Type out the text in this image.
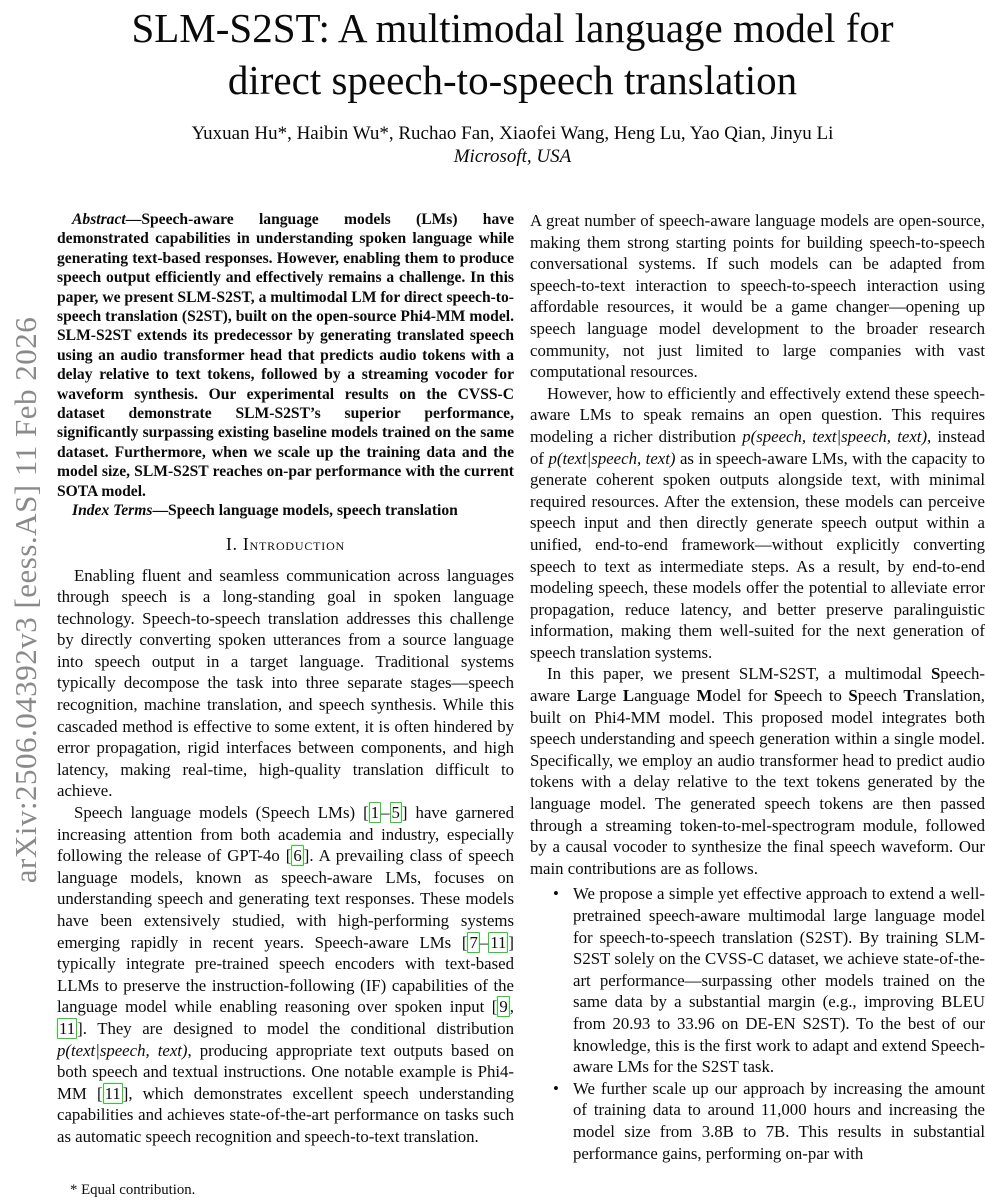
arXiv:2506.04392v3 [eess.AS] 11 Feb 2026
SLM-S2ST: A multimodal language model for
direct speech-to-speech translation
Yuxuan Hu*, Haibin Wu*, Ruchao Fan, Xiaofei Wang, Heng Lu, Yao Qian, Jinyu Li
Microsoft, USA

Abstract—Speech-aware language models (LMs) have demonstrated capabilities in understanding spoken language while generating text-based responses. However, enabling them to produce speech output efficiently and effectively remains a challenge. In this paper, we present SLM-S2ST, a multimodal LM for direct speech-to-speech translation (S2ST), built on the open-source Phi4-MM model. SLM-S2ST extends its predecessor by generating translated speech using an audio transformer head that predicts audio tokens with a delay relative to text tokens, followed by a streaming vocoder for waveform synthesis. Our experimental results on the CVSS-C dataset demonstrate SLM-S2ST’s superior performance, significantly surpassing existing baseline models trained on the same dataset. Furthermore, when we scale up the training data and the model size, SLM-S2ST reaches on-par performance with the current SOTA model.

Index Terms—Speech language models, speech translation

I. Introduction

Enabling fluent and seamless communication across languages through speech is a long-standing goal in spoken language technology. Speech-to-speech translation addresses this challenge by directly converting spoken utterances from a source language into speech output in a target language. Traditional systems typically decompose the task into three separate stages—speech recognition, machine translation, and speech synthesis. While this cascaded method is effective to some extent, it is often hindered by error propagation, rigid interfaces between components, and high latency, making real-time, high-quality translation difficult to achieve.

Speech language models (Speech LMs) [ 1 – 5 ] have garnered increasing attention from both academia and industry, especially following the release of GPT-4o [ 6 ]. A prevailing class of speech language models, known as speech-aware LMs, focuses on understanding speech and generating text responses. These models have been extensively studied, with high-performing systems emerging rapidly in recent years. Speech-aware LMs [ 7 – 11 ] typically integrate pre-trained speech encoders with text-based LLMs to preserve the instruction-following (IF) capabilities of the language model while enabling reasoning over spoken input [ 9 , 11 ]. They are designed to model the conditional distribution p(text|speech, text), producing appropriate text outputs based on both speech and textual instructions. One notable example is Phi4-MM [ 11 ], which demonstrates excellent speech understanding capabilities and achieves state-of-the-art performance on tasks such as automatic speech recognition and speech-to-text translation.

A great number of speech-aware language models are open-source, making them strong starting points for building speech-to-speech conversational systems. If such models can be adapted from speech-to-text interaction to speech-to-speech interaction using affordable resources, it would be a game changer—opening up speech language model development to the broader research community, not just limited to large companies with vast computational resources.

However, how to efficiently and effectively extend these speech-aware LMs to speak remains an open question. This requires modeling a richer distribution p(speech, text|speech, text), instead of p(text|speech, text) as in speech-aware LMs, with the capacity to generate coherent spoken outputs alongside text, with minimal required resources. After the extension, these models can perceive speech input and then directly generate speech output within a unified, end-to-end framework—without explicitly converting speech to text as intermediate steps. As a result, by end-to-end modeling speech, these models offer the potential to alleviate error propagation, reduce latency, and better preserve paralinguistic information, making them well-suited for the next generation of speech translation systems.

In this paper, we present SLM-S2ST, a multimodal Speech-aware Large Language Model for Speech to Speech Translation, built on Phi4-MM model. This proposed model integrates both speech understanding and speech generation within a single model. Specifically, we employ an audio transformer head to predict audio tokens with a delay relative to the text tokens generated by the language model. The generated speech tokens are then passed through a streaming token-to-mel-spectrogram module, followed by a causal vocoder to synthesize the final speech waveform. Our main contributions are as follows.

• We propose a simple yet effective approach to extend a well-pretrained speech-aware multimodal large language model for speech-to-speech translation (S2ST). By training SLM-S2ST solely on the CVSS-C dataset, we achieve state-of-the-art performance—surpassing other models trained on the same data by a substantial margin (e.g., improving BLEU from 20.93 to 33.96 on DE-EN S2ST). To the best of our knowledge, this is the first work to adapt and extend Speech-aware LMs for the S2ST task.
• We further scale up our approach by increasing the amount of training data to around 11,000 hours and increasing the model size from 3.8B to 7B. This results in substantial performance gains, performing on-par with
* Equal contribution.
